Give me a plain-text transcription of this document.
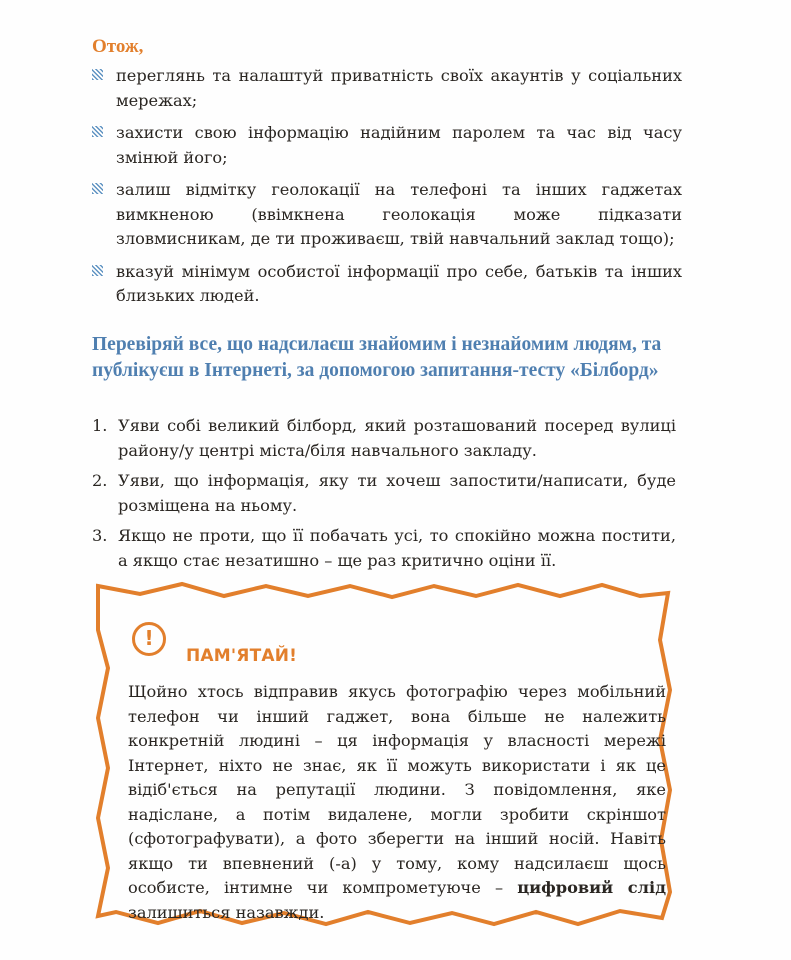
Отож,
переглянь та налаштуй приватність своїх акаунтів у соціальних мережах;
захисти свою інформацію надійним паролем та час від часу змінюй його;
залиш відмітку геолокації на телефоні та інших гаджетах вимкненою (ввімкнена геолокація може підказати зловмисникам, де ти проживаєш, твій навчальний заклад тощо);
вказуй мінімум особистої інформації про себе, батьків та інших близьких людей.
Перевіряй все, що надсилаєш знайомим і незнайомим людям, та публікуєш в Інтернеті, за допомогою запитання-тесту «Білборд»
1. Уяви собі великий білборд, який розташований посеред вулиці району/у центрі міста/біля навчального закладу.
2. Уяви, що інформація, яку ти хочеш запостити/написати, буде розміщена на ньому.
3. Якщо не проти, що її побачать усі, то спокійно можна постити, а якщо стає незатишно – ще раз критично оціни її.
!
ПАМ'ЯТАЙ!

Щойно хтось відправив якусь фотографію через мобільний телефон чи інший гаджет, вона більше не належить конкретній людині – ця інформація у власності мережі Інтернет, ніхто не знає, як її можуть використати і як це відіб'ється на репутації людини. З повідомлення, яке надіслане, а потім видалене, могли зробити скріншот (сфотографувати), а фото зберегти на інший носій. Навіть якщо ти впевнений (-а) у тому, кому надсилаєш щось особисте, інтимне чи компрометуюче – цифровий слід залишиться назавжди.
